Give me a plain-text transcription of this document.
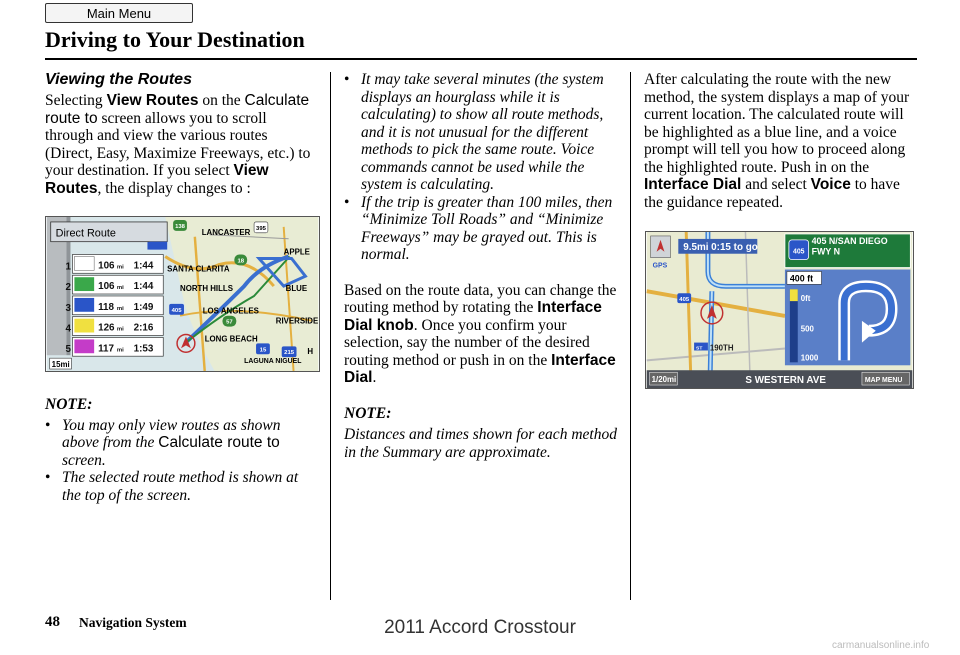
Main Menu
Driving to Your Destination
Viewing the Routes

Selecting View Routes on the Calculate route to screen allows you to scroll through and view the various routes (Direct, Easy, Maximize Freeways, etc.) to your destination. If you select View Routes, the display changes to :

LANCASTER
APPLE
SANTA CLARITA
BLUE
NORTH HILLS
LOS ANGELES
RIVERSIDE
LONG BEACH
LAGUNA NIGUEL
H
138	395
18
405
57
15	215
Direct Route
1	106 mi 1:44
2	106 mi 1:44
3	118 mi 1:49
4	126 mi 2:16
5	117 mi 1:53
15mi

NOTE:

• You may only view routes as shown above from the Calculate route to screen.
• The selected route method is shown at the top of the screen.
• It may take several minutes (the system displays an hourglass while it is calculating) to show all route methods, and it is not unusual for the different methods to pick the same route. Voice commands cannot be used while the system is calculating.
• If the trip is greater than 100 miles, then “Minimize Toll Roads” and “Minimize Freeways” may be grayed out. This is normal.

Based on the route data, you can change the routing method by rotating the Interface Dial knob. Once you confirm your selection, say the number of the desired routing method or push in on the Interface Dial.

NOTE:

Distances and times shown for each method in the Summary are approximate.

After calculating the route with the new method, the system displays a map of your current location. The calculated route will be highlighted as a blue line, and a voice prompt will tell you how to proceed along the highlighted route. Push in on the Interface Dial and select Voice to have the guidance repeated.

9.5mi 0:15 to go
GPS
405
ST 190TH
405
405 N/SAN DIEGO FWY N
400 ft
0ft
500
1000
1/20mi	S WESTERN AVE	MAP MENU
48 Navigation System	2011 Accord Crosstour
carmanualsonline.info
